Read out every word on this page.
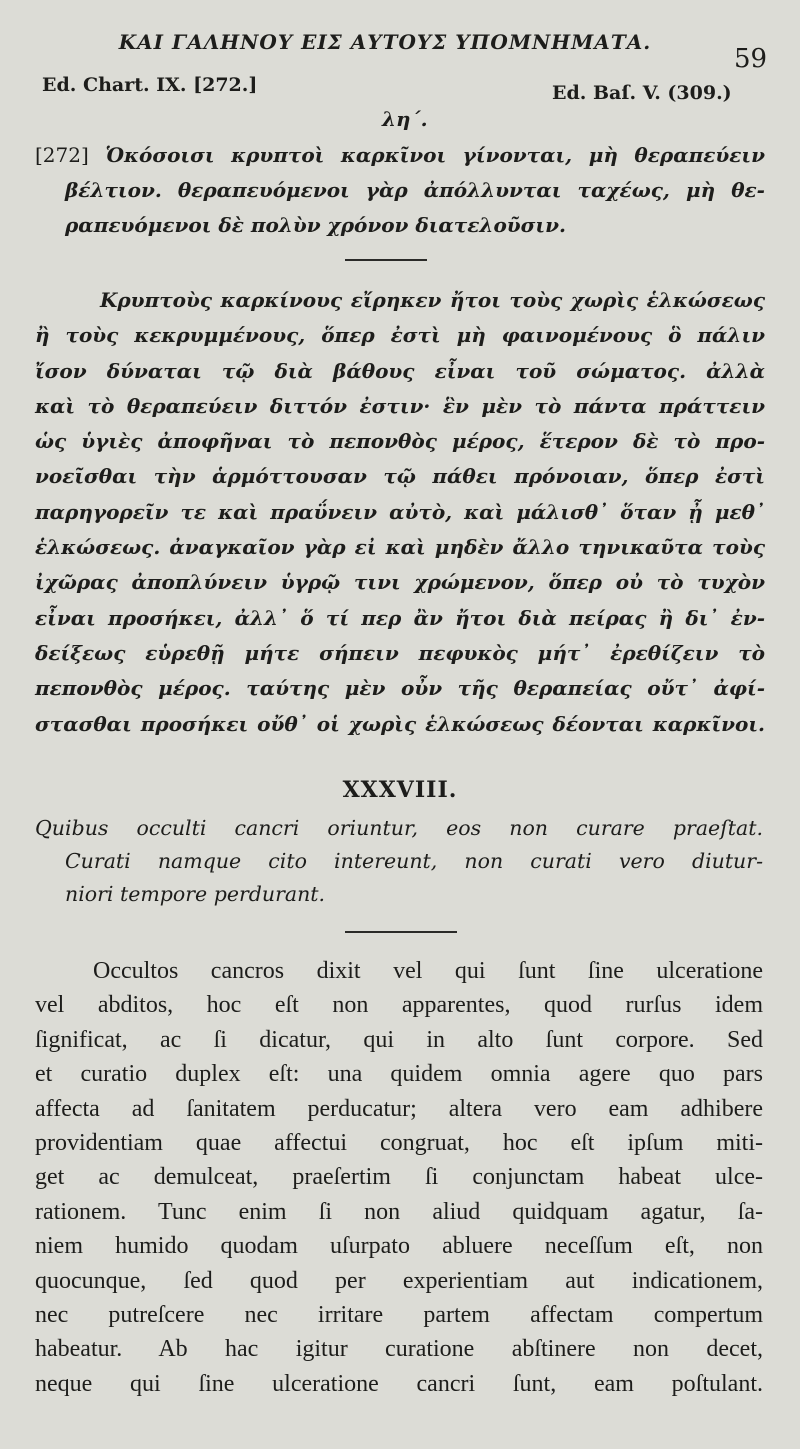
ΚΑΙ ΓΑΛΗΝΟΥ ΕΙΣ ΑΥΤΟΥΣ ΥΠΟΜΝΗΜΑΤΑ.
59
Ed. Chart. IX. [272.]	Ed. Baſ. V. (309.)
λη΄.
[272] Ὁκόσοισι κρυπτοὶ καρκῖνοι γίνονται, μὴ θεραπεύειν
βέλτιον. θεραπευόμενοι γὰρ ἀπόλλυνται ταχέως, μὴ θε-
ραπευόμενοι δὲ πολὺν χρόνον διατελοῦσιν.
Κρυπτοὺς καρκίνους εἴρηκεν ἤτοι τοὺς χωρὶς ἑλκώσεως
ἢ τοὺς κεκρυμμένους, ὅπερ ἐστὶ μὴ φαινομένους ὃ πάλιν
ἴσον δύναται τῷ διὰ βάθους εἶναι τοῦ σώματος. ἀλλὰ
καὶ τὸ θεραπεύειν διττόν ἐστιν· ἓν μὲν τὸ πάντα πράττειν
ὡς ὑγιὲς ἀποφῆναι τὸ πεπονθὸς μέρος, ἕτερον δὲ τὸ προ-
νοεῖσθαι τὴν ἁρμόττουσαν τῷ πάθει πρόνοιαν, ὅπερ ἐστὶ
παρηγορεῖν τε καὶ πραΰνειν αὐτὸ, καὶ μάλισθ᾽ ὅταν ᾖ μεθ᾽
ἑλκώσεως. ἀναγκαῖον γὰρ εἰ καὶ μηδὲν ἄλλο τηνικαῦτα τοὺς
ἰχῶρας ἀποπλύνειν ὑγρῷ τινι χρώμενον, ὅπερ οὐ τὸ τυχὸν
εἶναι προσήκει, ἀλλ᾽ ὅ τί περ ἂν ἤτοι διὰ πείρας ἢ δι᾽ ἐν-
δείξεως εὑρεθῇ μήτε σήπειν πεφυκὸς μήτ᾽ ἐρεθίζειν τὸ
πεπονθὸς μέρος. ταύτης μὲν οὖν τῆς θεραπείας οὔτ᾽ ἀφί-
στασθαι προσήκει οὔθ᾽ οἱ χωρὶς ἑλκώσεως δέονται καρκῖνοι.
XXXVIII.
Quibus occulti cancri oriuntur, eos non curare praeſtat.
Curati namque cito intereunt, non curati vero diutur-
niori tempore perdurant.
Occultos cancros dixit vel qui ſunt ſine ulceratione
vel abditos, hoc eſt non apparentes, quod rurſus idem
ſignificat, ac ſi dicatur, qui in alto ſunt corpore. Sed
et curatio duplex eſt: una quidem omnia agere quo pars
affecta ad ſanitatem perducatur; altera vero eam adhibere
providentiam quae affectui congruat, hoc eſt ipſum miti-
get ac demulceat, praeſertim ſi conjunctam habeat ulce-
rationem. Tunc enim ſi non aliud quidquam agatur, ſa-
niem humido quodam uſurpato abluere neceſſum eſt, non
quocunque, ſed quod per experientiam aut indicationem,
nec putreſcere nec irritare partem affectam compertum
habeatur. Ab hac igitur curatione abſtinere non decet,
neque qui ſine ulceratione cancri ſunt, eam poſtulant.
